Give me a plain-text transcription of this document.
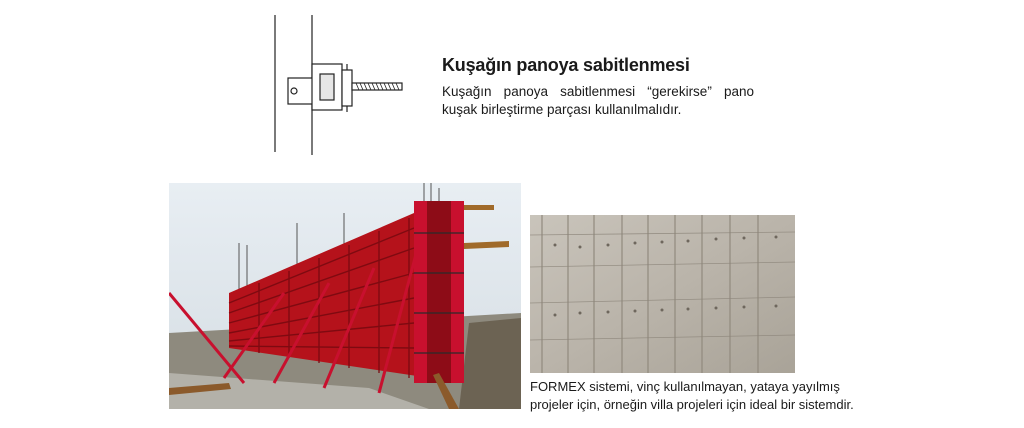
Kuşağın panoya sabitlenmesi

Kuşağın panoya sabitlenmesi “gerekirse” pano kuşak birleştirme parçası kullanılmalıdır.

FORMEX sistemi, vinç kullanılmayan, yataya yayılmış
projeler için, örneğin villa projeleri için ideal bir sistemdir.
